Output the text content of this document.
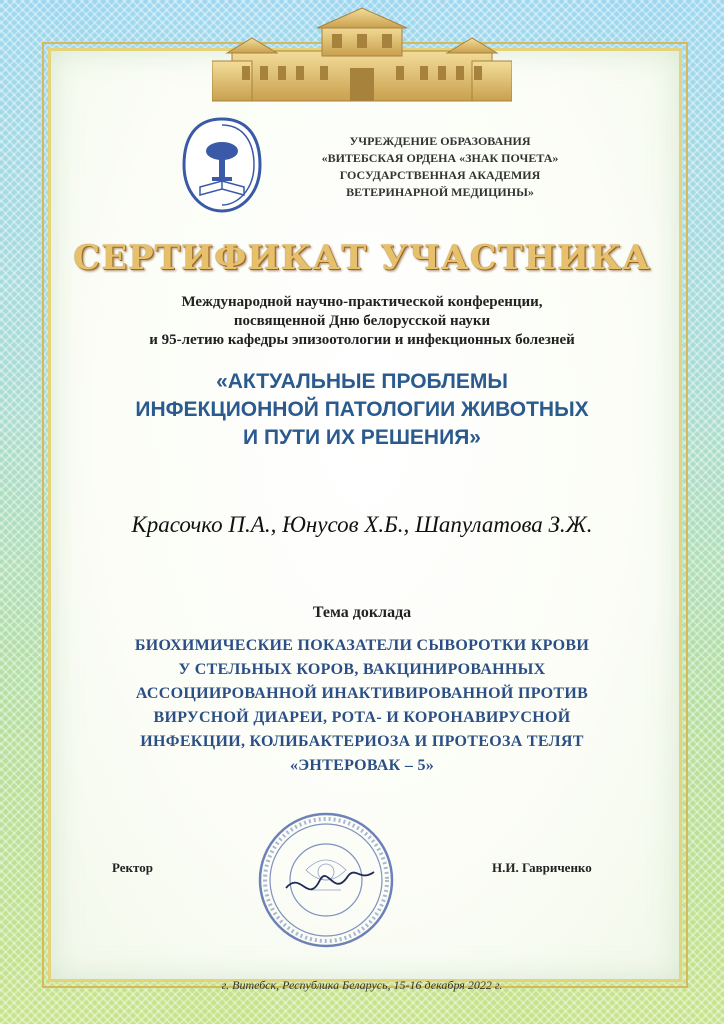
УЧРЕЖДЕНИЕ ОБРАЗОВАНИЯ
«ВИТЕБСКАЯ ОРДЕНА «ЗНАК ПОЧЕТА»
ГОСУДАРСТВЕННАЯ АКАДЕМИЯ
ВЕТЕРИНАРНОЙ МЕДИЦИНЫ»
СЕРТИФИКАТ УЧАСТНИКА
Международной научно-практической конференции,
посвященной Дню белорусской науки
и 95-летию кафедры эпизоотологии и инфекционных болезней
«АКТУАЛЬНЫЕ ПРОБЛЕМЫ
ИНФЕКЦИОННОЙ ПАТОЛОГИИ ЖИВОТНЫХ
И ПУТИ ИХ РЕШЕНИЯ»
Красочко П.А., Юнусов Х.Б., Шапулатова З.Ж.
Тема доклада
БИОХИМИЧЕСКИЕ ПОКАЗАТЕЛИ СЫВОРОТКИ КРОВИ
У СТЕЛЬНЫХ КОРОВ, ВАКЦИНИРОВАННЫХ
АССОЦИИРОВАННОЙ ИНАКТИВИРОВАННОЙ ПРОТИВ
ВИРУСНОЙ ДИАРЕИ, РОТА- И КОРОНАВИРУСНОЙ
ИНФЕКЦИИ, КОЛИБАКТЕРИОЗА И ПРОТЕОЗА ТЕЛЯТ
«ЭНТЕРОВАК – 5»
Ректор	Н.И. Гавриченко
г. Витебск, Республика Беларусь, 15-16 декабря 2022 г.
